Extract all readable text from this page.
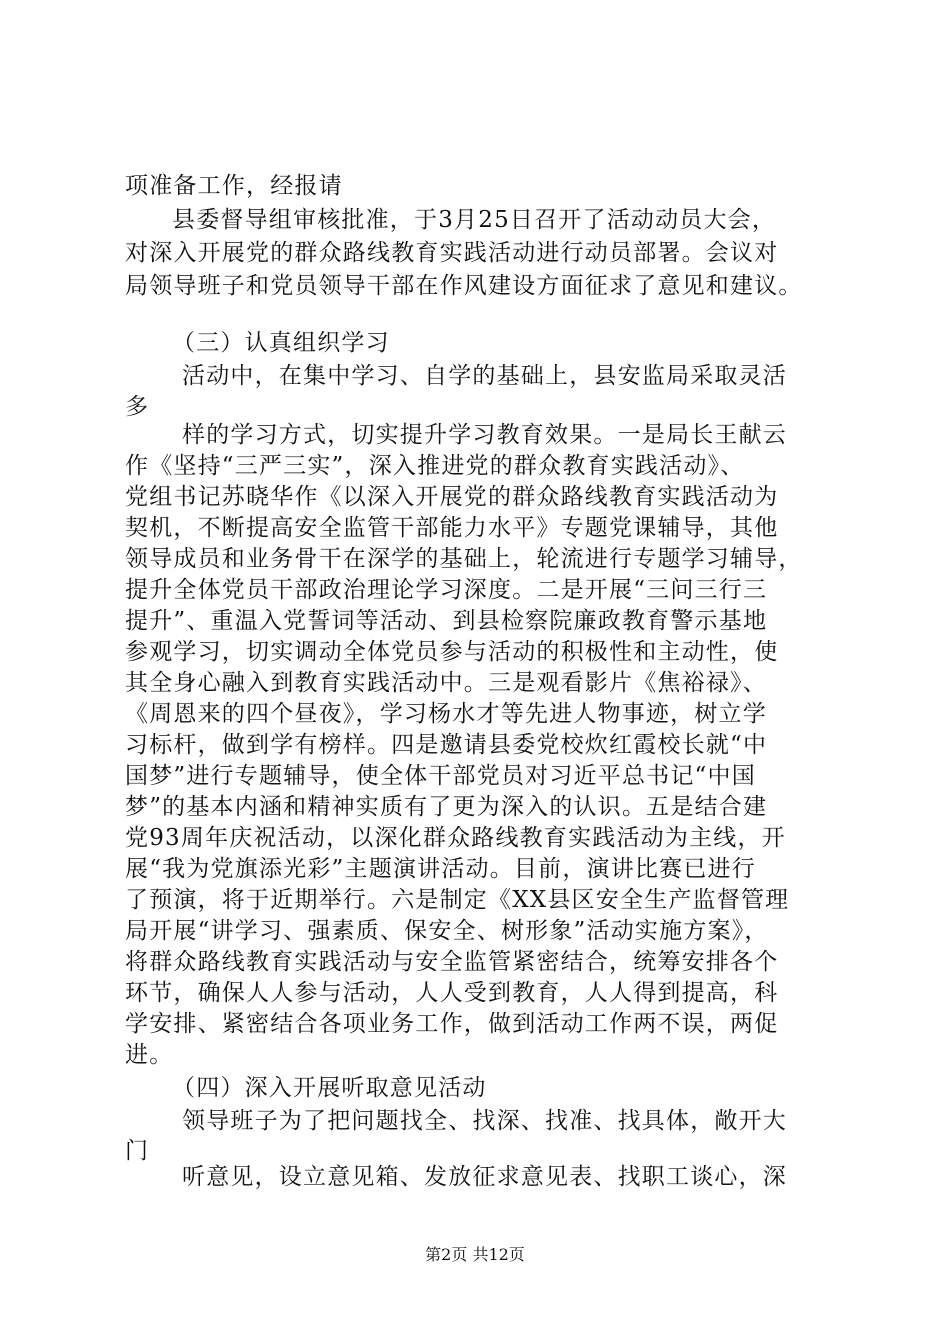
项准备工作，经报请
县委督导组审核批准，于3月25日召开了活动动员大会，
对深入开展党的群众路线教育实践活动进行动员部署。会议对
局领导班子和党员领导干部在作风建设方面征求了意见和建议。
（三）认真组织学习
活动中，在集中学习、自学的基础上，县安监局采取灵活
多
样的学习方式，切实提升学习教育效果。一是局长王献云
作《坚持“三严三实”，深入推进党的群众教育实践活动》、
党组书记苏晓华作《以深入开展党的群众路线教育实践活动为
契机，不断提高安全监管干部能力水平》专题党课辅导，其他
领导成员和业务骨干在深学的基础上，轮流进行专题学习辅导，
提升全体党员干部政治理论学习深度。二是开展“三问三行三
提升”、重温入党誓词等活动、到县检察院廉政教育警示基地
参观学习，切实调动全体党员参与活动的积极性和主动性，使
其全身心融入到教育实践活动中。三是观看影片《焦裕禄》、
《周恩来的四个昼夜》，学习杨水才等先进人物事迹，树立学
习标杆，做到学有榜样。四是邀请县委党校炊红霞校长就“中
国梦”进行专题辅导，使全体干部党员对习近平总书记“中国
梦”的基本内涵和精神实质有了更为深入的认识。五是结合建
党93周年庆祝活动，以深化群众路线教育实践活动为主线，开
展“我为党旗添光彩”主题演讲活动。目前，演讲比赛已进行
了预演，将于近期举行。六是制定《XX县区安全生产监督管理
局开展“讲学习、强素质、保安全、树形象”活动实施方案》，
将群众路线教育实践活动与安全监管紧密结合，统筹安排各个
环节，确保人人参与活动，人人受到教育，人人得到提高，科
学安排、紧密结合各项业务工作，做到活动工作两不误，两促
进。
（四）深入开展听取意见活动
领导班子为了把问题找全、找深、找准、找具体，敞开大
门
听意见，设立意见箱、发放征求意见表、找职工谈心，深
第2页 共12页
